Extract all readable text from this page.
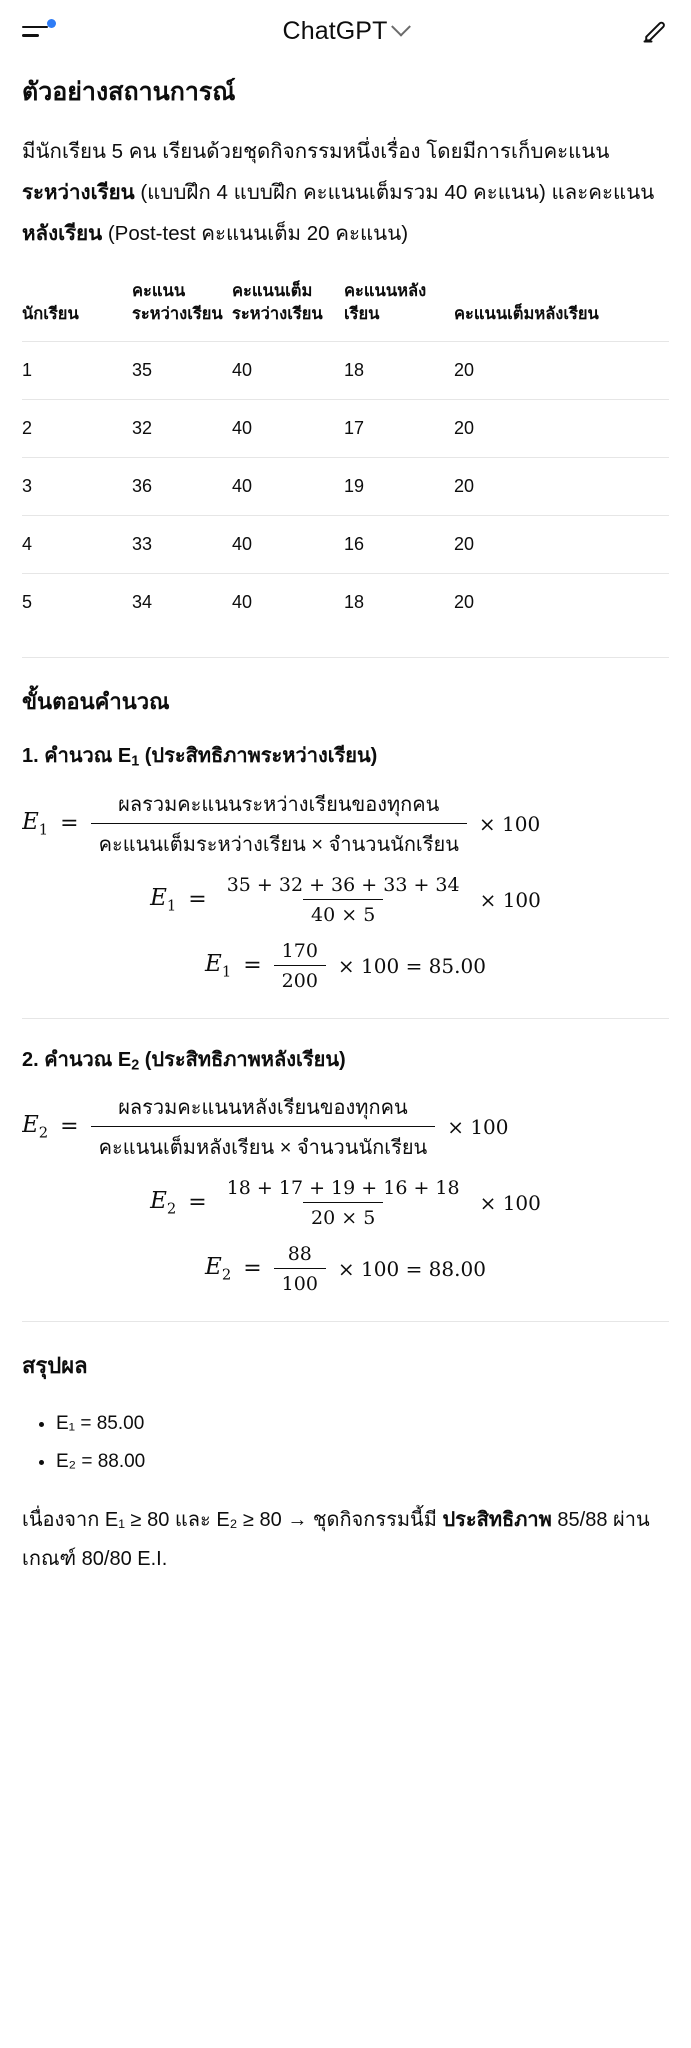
ChatGPT
ตัวอย่างสถานการณ์

มีนักเรียน 5 คน เรียนด้วยชุดกิจกรรมหนึ่งเรื่อง โดยมีการเก็บคะแนน ระหว่างเรียน (แบบฝึก 4 แบบฝึก คะแนนเต็มรวม 40 คะแนน) และคะแนน หลังเรียน (Post-test คะแนนเต็ม 20 คะแนน)

นักเรียน	คะแนนระหว่างเรียน	คะแนนเต็มระหว่างเรียน	คะแนนหลังเรียน	คะแนนเต็มหลังเรียน
1	35	40	18	20
2	32	40	17	20
3	36	40	19	20
4	33	40	16	20
5	34	40	18	20
ขั้นตอนคำนวณ
1. คำนวณ E1 (ประสิทธิภาพระหว่างเรียน)
$E_1 = \frac{\text{ผลรวมคะแนนระหว่างเรียนของทุกคน}}{\text{คะแนนเต็มระหว่างเรียน × จำนวนนักเรียน}} \times 100$
$E_1 = \frac{35 + 32 + 36 + 33 + 34}{40 \times 5} \times 100$
$E_1 = \frac{170}{200} \times 100 = 85.00$
2. คำนวณ E2 (ประสิทธิภาพหลังเรียน)
$E_2 = \frac{\text{ผลรวมคะแนนหลังเรียนของทุกคน}}{\text{คะแนนเต็มหลังเรียน × จำนวนนักเรียน}} \times 100$
$E_2 = \frac{18 + 17 + 19 + 16 + 18}{20 \times 5} \times 100$
$E_2 = \frac{88}{100} \times 100 = 88.00$
สรุปผล
• E₁ = 85.00
• E₂ = 88.00

เนื่องจาก E₁ ≥ 80 และ E₂ ≥ 80 → ชุดกิจกรรมนี้มี ประสิทธิภาพ 85/88 ผ่านเกณฑ์ 80/80 E.I.
